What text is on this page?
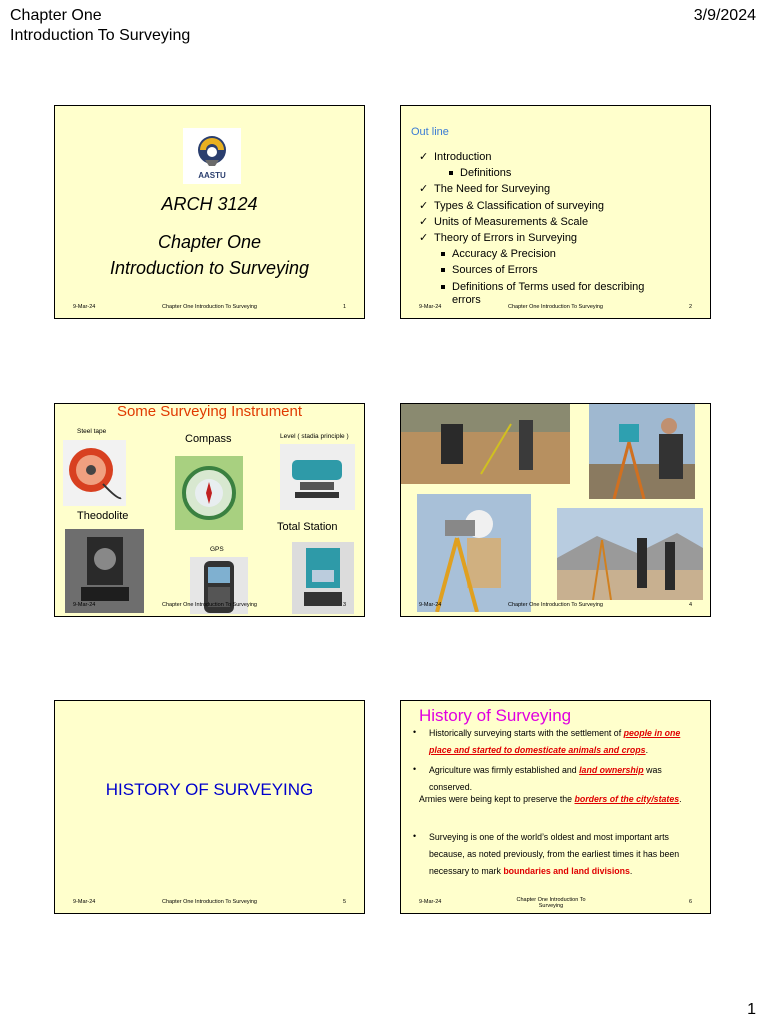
Chapter One
Introduction To Surveying
3/9/2024
AASTU
ARCH 3124
Chapter One
Introduction to Surveying
9-Mar-24	Chapter One Introduction To Surveying	1
Out line
✓ Introduction
Definitions
✓ The Need for Surveying
✓ Types & Classification of surveying
✓ Units of Measurements & Scale
✓ Theory of Errors in Surveying
Accuracy & Precision
Sources of Errors
Definitions of Terms used for describing
errors
9-Mar-24	Chapter One Introduction To Surveying	2
Some Surveying Instrument
Steel tape
Compass	Level ( stadia principle )
Theodolite
GPS
Total Station
9-Mar-24	Chapter One Introduction To Surveying	3	9-Mar-24	Chapter One Introduction To Surveying	4
HISTORY OF SURVEYING
9-Mar-24	Chapter One Introduction To Surveying	5
History of Surveying
• Historically surveying starts with the settlement of people in one place and started to domesticate animals and crops.
• Agriculture was firmly established and land ownership was conserved.
Armies were being kept to preserve the borders of the city/states.
• Surveying is one of the world’s oldest and most important arts because, as noted previously, from the earliest times it has been necessary to mark boundaries and land divisions.
9-Mar-24	Chapter One Introduction To Surveying
6
1
